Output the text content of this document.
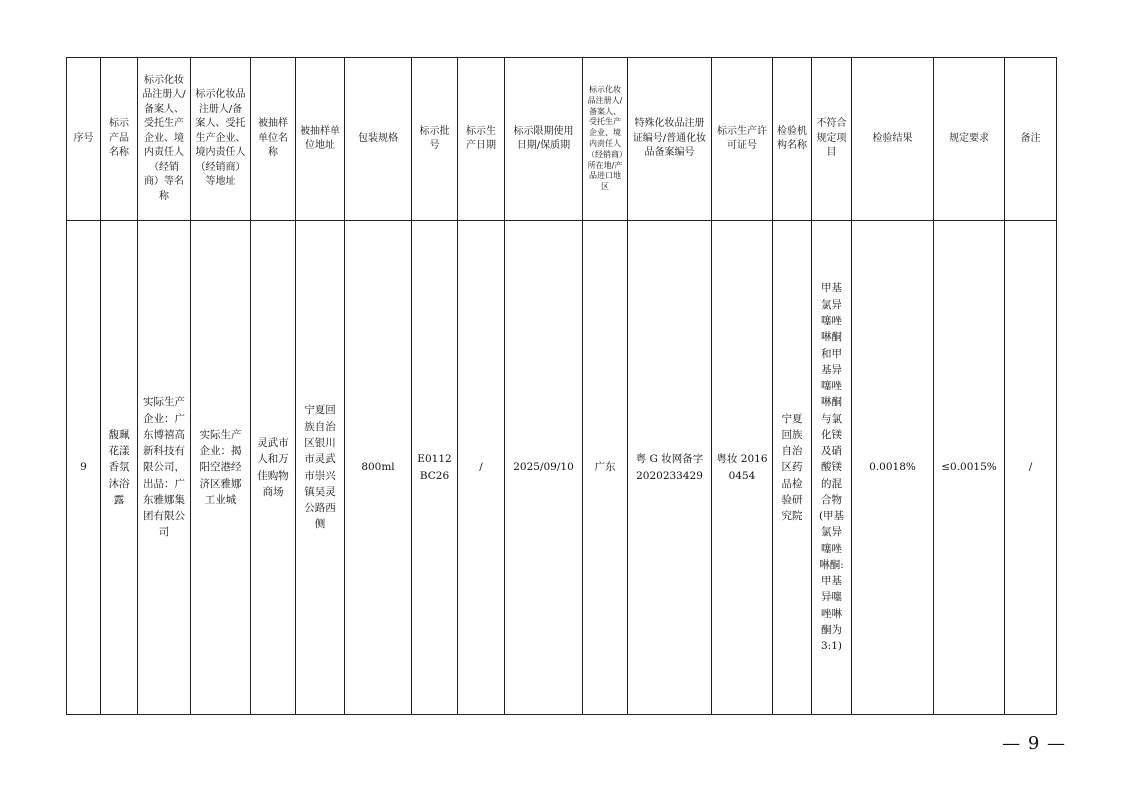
序号	标示产品名称	标示化妆品注册人/备案人、受托生产企业、境内责任人（经销商）等名称	标示化妆品注册人/备案人、受托生产企业、境内责任人（经销商）等地址	被抽样单位名称	被抽样单位地址	包装规格	标示批号	标示生产日期	标示限期使用日期/保质期	标示化妆品注册人/备案人、受托生产企业、境内责任人（经销商）所在地/产品进口地区	特殊化妆品注册证编号/普通化妆品备案编号	标示生产许可证号	检验机构名称	不符合规定项目	检验结果	规定要求	备注
9	馥珮花漾香氛沐浴露	实际生产企业：广东博禧高新科技有限公司，出品：广东雅娜集团有限公司	实际生产企业：揭阳空港经济区雅娜工业城	灵武市人和万佳购物商场	宁夏回族自治区银川市灵武市崇兴镇吴灵公路西侧	800ml	E0112BC26	/	2025/09/10	广东	粤 G 妆网备字 2020233429	粤妆 20160454	宁夏回族自治区药品检验研究院	甲基氯异噻唑啉酮和甲基异噻唑啉酮与氯化镁及硝酸镁的混合物(甲基氯异噻唑啉酮:甲基异噻唑啉酮为3:1)	0.0018%	≤0.0015%	/
— 9 —
